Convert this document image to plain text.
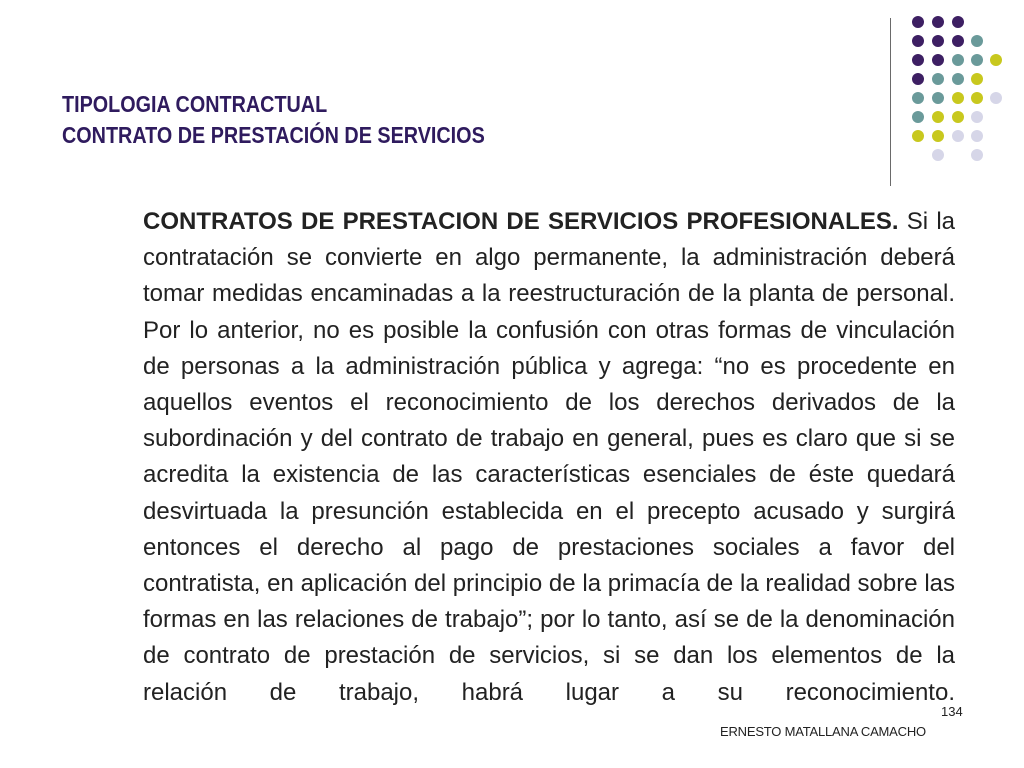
TIPOLOGIA CONTRACTUAL
CONTRATO DE PRESTACIÓN DE SERVICIOS
CONTRATOS DE PRESTACION DE SERVICIOS PROFESIONALES. Si la contratación se convierte en algo permanente, la administración deberá tomar medidas encaminadas a la reestructuración de la planta de personal. Por lo anterior, no es posible la confusión con otras formas de vinculación de personas a la administración pública y agrega: “no es procedente en aquellos eventos el reconocimiento de los derechos derivados de la subordinación y del contrato de trabajo en general, pues es claro que si se acredita la existencia de las características esenciales de éste quedará desvirtuada la presunción establecida en el precepto acusado y surgirá entonces el derecho al pago de prestaciones sociales a favor del contratista, en aplicación del principio de la primacía de la realidad sobre las formas en las relaciones de trabajo”; por lo tanto, así se de la denominación de contrato de prestación de servicios, si se dan los elementos de la relación de trabajo, habrá lugar a su reconocimiento.
134
ERNESTO MATALLANA CAMACHO
